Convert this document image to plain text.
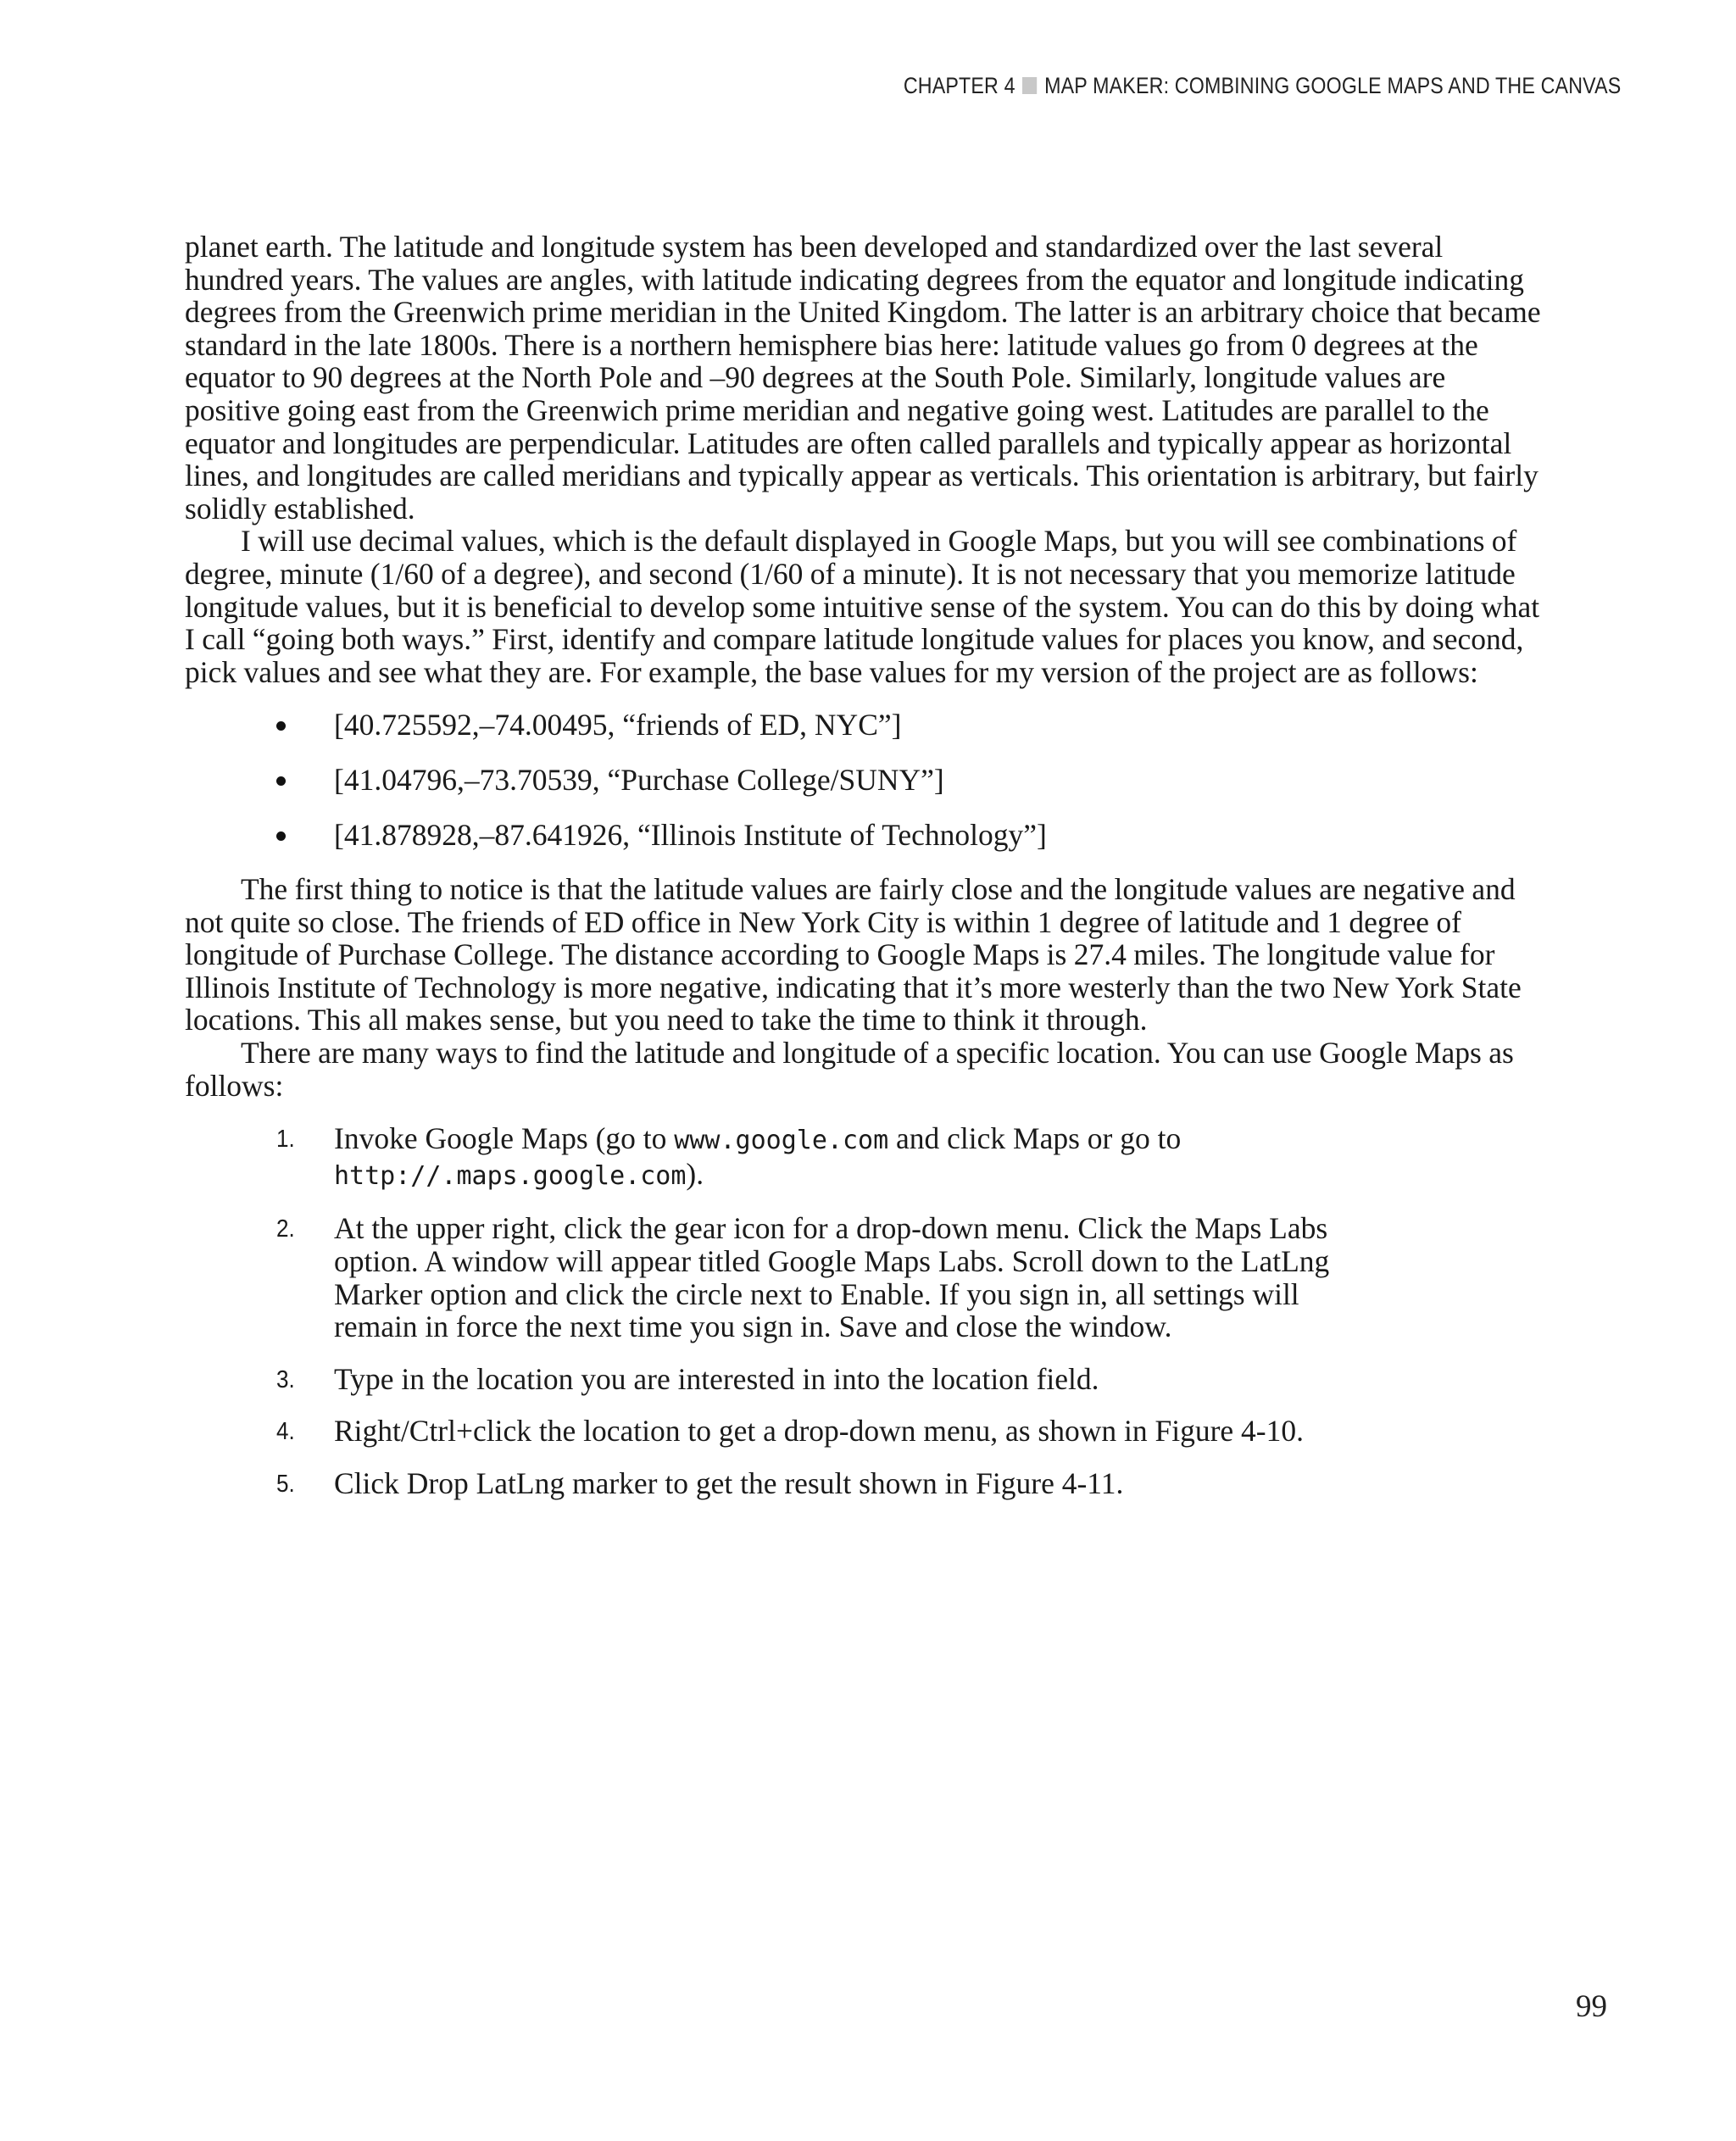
CHAPTER 4 MAP MAKER: COMBINING GOOGLE MAPS AND THE CANVAS

planet earth. The latitude and longitude system has been developed and standardized over the last several hundred years. The values are angles, with latitude indicating degrees from the equator and longitude indicating degrees from the Greenwich prime meridian in the United Kingdom. The latter is an arbitrary choice that became standard in the late 1800s. There is a northern hemisphere bias here: latitude values go from 0 degrees at the equator to 90 degrees at the North Pole and –90 degrees at the South Pole. Similarly, longitude values are positive going east from the Greenwich prime meridian and negative going west. Latitudes are parallel to the equator and longitudes are perpendicular. Latitudes are often called parallels and typically appear as horizontal lines, and longitudes are called meridians and typically appear as verticals. This orientation is arbitrary, but fairly solidly established.

I will use decimal values, which is the default displayed in Google Maps, but you will see combinations of degree, minute (1/60 of a degree), and second (1/60 of a minute). It is not necessary that you memorize latitude longitude values, but it is beneficial to develop some intuitive sense of the system. You can do this by doing what I call “going both ways.” First, identify and compare latitude longitude values for places you know, and second, pick values and see what they are. For example, the base values for my version of the project are as follows:

[40.725592,–74.00495, “friends of ED, NYC”]
[41.04796,–73.70539, “Purchase College/SUNY”]
[41.878928,–87.641926, “Illinois Institute of Technology”]

The first thing to notice is that the latitude values are fairly close and the longitude values are negative and not quite so close. The friends of ED office in New York City is within 1 degree of latitude and 1 degree of longitude of Purchase College. The distance according to Google Maps is 27.4 miles. The longitude value for Illinois Institute of Technology is more negative, indicating that it’s more westerly than the two New York State locations. This all makes sense, but you need to take the time to think it through.

There are many ways to find the latitude and longitude of a specific location. You can use Google Maps as follows:

1. Invoke Google Maps (go to www.google.com and click Maps or go to http://.maps.google.com).
2. At the upper right, click the gear icon for a drop-down menu. Click the Maps Labs option. A window will appear titled Google Maps Labs. Scroll down to the LatLng Marker option and click the circle next to Enable. If you sign in, all settings will remain in force the next time you sign in. Save and close the window.
3. Type in the location you are interested in into the location field.
4. Right/Ctrl+click the location to get a drop-down menu, as shown in Figure 4-10.
5. Click Drop LatLng marker to get the result shown in Figure 4-11.
99
